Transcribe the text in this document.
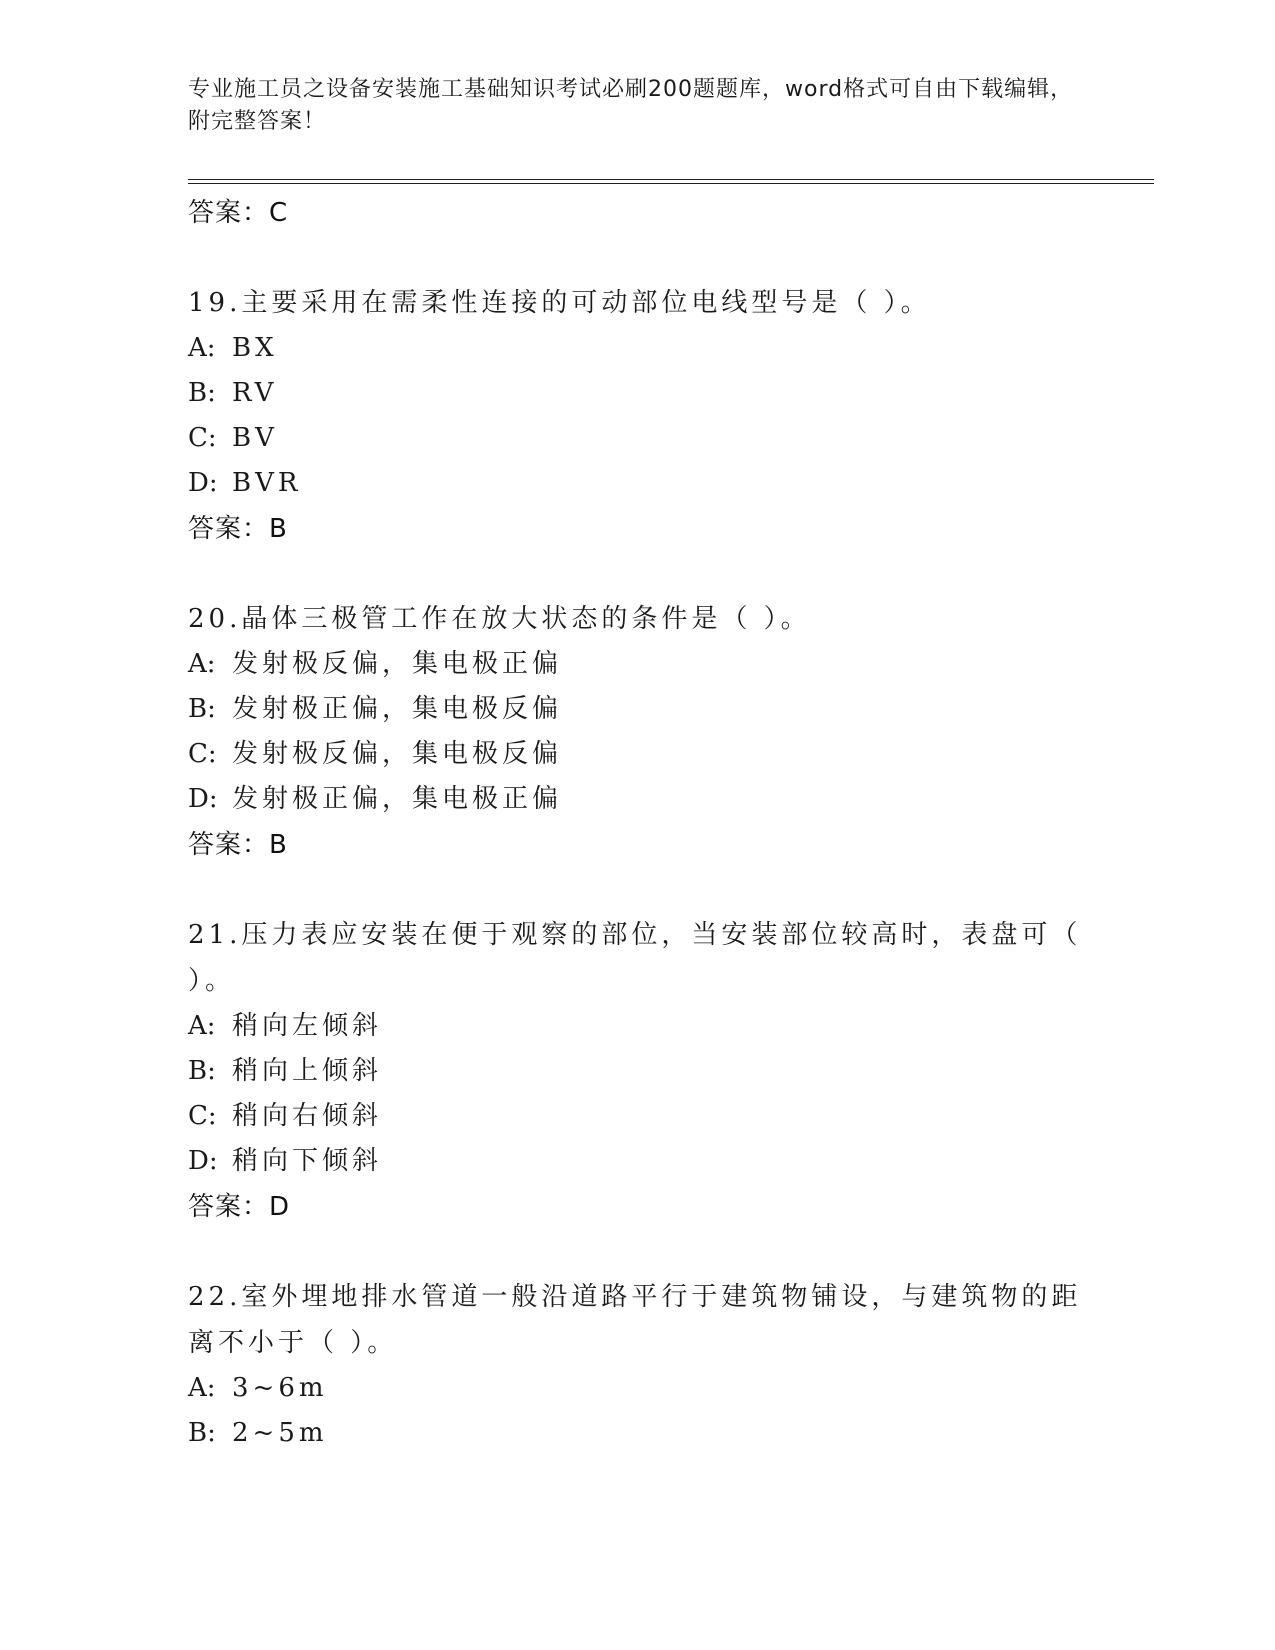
专业施工员之设备安装施工基础知识考试必刷200题题库，word格式可自由下载编辑，附完整答案！
答案：C
19.主要采用在需柔性连接的可动部位电线型号是（ ）。
A: BX
B: RV
C: BV
D: BVR
答案：B
20.晶体三极管工作在放大状态的条件是（ ）。
A: 发射极反偏，集电极正偏
B: 发射极正偏，集电极反偏
C: 发射极反偏，集电极反偏
D: 发射极正偏，集电极正偏
答案：B
21.压力表应安装在便于观察的部位，当安装部位较高时，表盘可（ ）。
A: 稍向左倾斜
B: 稍向上倾斜
C: 稍向右倾斜
D: 稍向下倾斜
答案：D
22.室外埋地排水管道一般沿道路平行于建筑物铺设，与建筑物的距离不小于（ ）。
A: 3~6m
B: 2~5m
